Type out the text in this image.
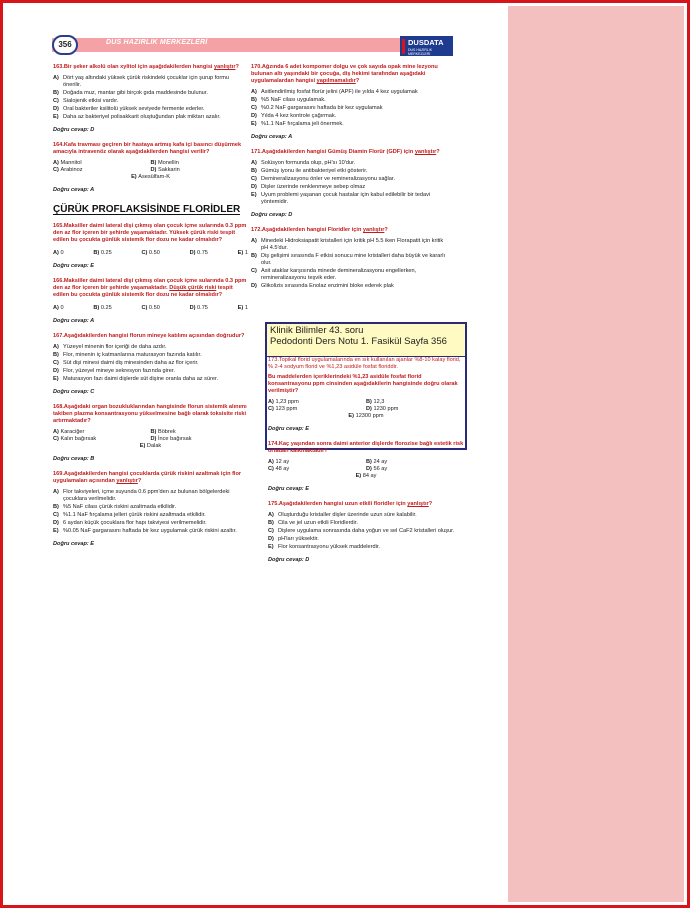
DUS HAZIRLIK MERKEZLERİ
356	DUSDATA
DUS HAZIRLIK MERKEZLERİ
163.Bir şeker alkolü olan xylitol için aşağıdakilerden hangisi yanlıştır?
A) Dört yaş altındaki yüksek çürük riskindeki çocuklar için şurup formu önerilir.
B) Doğada muz, mantar gibi birçok gıda maddesinde bulunur.
C) Sialojenik etkisi vardır.
D) Oral bakteriler ksilitolü yüksek seviyede fermente ederler.
E) Daha az bakteriyel polisakkarit oluştuğundan plak miktarı azalır.
Doğru cevap: D
164.Kafa travması geçiren bir hastaya artmış kafa içi basıncı düşürmek amacıyla intravenöz olarak aşağıdakilerden hangisi verilir?
A) Mannitol	B) Monellin
C) Arabinoz	D) Sakkarin
E) Asesülfam-K
Doğru cevap: A
ÇÜRÜK PROFLAKSİSİNDE FLORİDLER
165.Maksiller daimi lateral dişi çıkmış olan çocuk içme sularında 0.3 ppm den az flor içeren bir şehirde yaşamaktadır. Yüksek çürük riski tespit edilen bu çocukta günlük sistemik flor dozu ne kadar olmalıdır?
A) 0	B) 0.25	C) 0.50	D) 0.75	E) 1
Doğru cevap: E
166.Maksiller daimi lateral dişi çıkmış olan çocuk içme sularında 0.3 ppm den az flor içeren bir şehirde yaşamaktadır. Düşük çürük riski tespit edilen bu çocukta günlük sistemik flor dozu ne kadar olmalıdır?
A) 0	B) 0.25	C) 0.50	D) 0.75	E) 1
Doğru cevap: A
167.Aşağıdakilerden hangisi florun mineye katılımı açısından doğrudur?
A) Yüzeyel minenin flor içeriği de daha azdır.
B) Flor, minenin iç katmanlarına maturasyon fazında katılır.
C) Süt dişi minesi daimi diş minesinden daha az flor içerir.
D) Flor, yüzeyel mineye sekresyon fazında girer.
E) Maturasyon fazı daimi dişlerde süt dişine oranla daha az sürer.
Doğru cevap: C
168.Aşağıdaki organ bozukluklarından hangisinde florun sistemik alınımı takiben plazma konsantrasyonu yükselmesine bağlı olarak toksisite riski artırmaktadır?
A) Karaciğer	B) Böbrek
C) Kalın bağırsak	D) İnce bağırsak
E) Dalak
Doğru cevap: B
169.Aşağıdakilerden hangisi çocuklarda çürük riskini azaltmak için flor uygulamaları açısından yanlıştır?
A) Flor takviyeleri, içme suyunda 0.6 ppm'den az bulunan bölgelerdeki çocuklara verilmelidir.
B) %5 NaF cilası çürük riskini azaltmada etkilidir.
C) %1.1 NaF fırçalama jelleri çürük riskini azaltmada etkilidir.
D) 6 aydan küçük çocuklara flor hapı takviyesi verilmemelidir.
E) %0.05 NaF gargarasını haftada bir kez uygulamak çürük riskini azaltır.
Doğru cevap: E
170.Ağzında 6 adet kompomer dolgu ve çok sayıda opak mine lezyonu bulunan altı yaşındaki bir çocuğa, diş hekimi tarafından aşağıdaki uygulamalardan hangisi yapılmamalıdır?
A) Asitlendirilmiş fosfat florür jelini (APF) ile yılda 4 kez uygulamak
B) %5 NaF cilası uygulamak.
C) %0.2 NaF gargarasını haftada bir kez uygulamak
D) Yılda 4 kez kontrole çağırmak.
E) %1.1 NaF fırçalama jeli önermek.
Doğru cevap: A
171.Aşağıdakilerden hangisi Gümüş Diamin Florür (GDF) için yanlıştır?
A) Solüsyon formunda olup, pH'sı 10'dur.
B) Gümüş iyonu ile antibakteriyel etki gösterir.
C) Demineralizasyonu önler ve remineralizasyonu sağlar.
D) Dişler üzerinde renklenmeye sebep olmaz
E) Uyum problemi yaşanan çocuk hastalar için kabul edilebilir bir tedavi yöntemidir.
Doğru cevap: D
172.Aşağıdakilerden hangisi Floridler için yanlıştır?
A) Minedeki Hidroksiapatit kristalleri için kritik pH 5.5 iken Florapatit için kritik pH 4.5'dur.
B) Diş gelişimi sırasında F etkisi sonucu mine kristalleri daha büyük ve kararlı olur.
C) Asit ataklar karşısında minede demineralizasyonu engellerken, remineralizasyonu teşvik eder.
D) Glikolizis sırasında Enolaz enzimini bloke ederek plak
Klinik Bilimler 43. soru
Pedodonti Ders Notu 1. Fasikül Sayfa 356
173.Topikal florid uygulamalarında en sık kullanılan ajanlar %8-10 kalay florid, % 2-4 sodyum florid ve %1,23 asidüle fosfat floriddir.
Bu maddelerden içeriklerindeki %1,23 asidüle fosfat florid konsantrasyonu ppm cinsinden aşağıdakilerin hangisinde doğru olarak verilmiştir?
A) 1,23 ppm	B) 12,3
C) 123 ppm	D) 1230 ppm
E) 12300 ppm
Doğru cevap: E
174.Kaç yaşından sonra daimi anterior dişlerde florozise bağlı estetik risk ortadan kalkmaktadır?
A) 12 ay	B) 24 ay
C) 48 ay	D) 56 ay
E) 84 ay
Doğru cevap: E
175.Aşağıdakilerden hangisi uzun etkili floridler için yanlıştır?
A) Oluşturduğu kristaller dişler üzerinde uzun süre kalabilir.
B) Cila ve jel uzun etkili Floridlerdir.
C) Dişlere uygulama sonrasında daha yoğun ve sel CaF2 kristalleri oluşur.
D) pH'ları yüksektir.
E) Flor konsantrasyonu yüksek maddelerdir.
Doğru cevap: D
